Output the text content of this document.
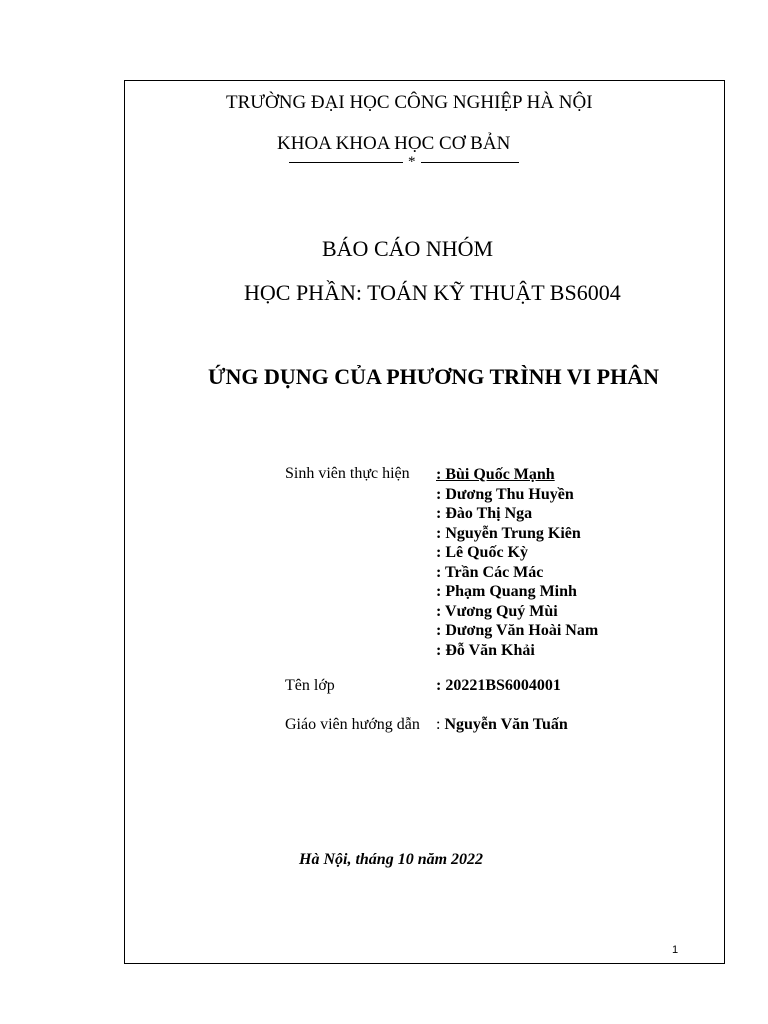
TRƯỜNG ĐẠI HỌC CÔNG NGHIỆP HÀ NỘI
KHOA KHOA HỌC CƠ BẢN
*
BÁO CÁO NHÓM
HỌC PHẦN: TOÁN KỸ THUẬT BS6004
ỨNG DỤNG CỦA PHƯƠNG TRÌNH VI PHÂN
Sinh viên thực hiện : Bùi Quốc Mạnh
: Dương Thu Huyền
: Đào Thị Nga
: Nguyễn Trung Kiên
: Lê Quốc Kỳ
: Trần Các Mác
: Phạm Quang Minh
: Vương Quý Mùi
: Dương Văn Hoài Nam
: Đỗ Văn Khải
Tên lớp	: 20221BS6004001
Giáo viên hướng dẫn : Nguyễn Văn Tuấn
Hà Nội, tháng 10 năm 2022
1
